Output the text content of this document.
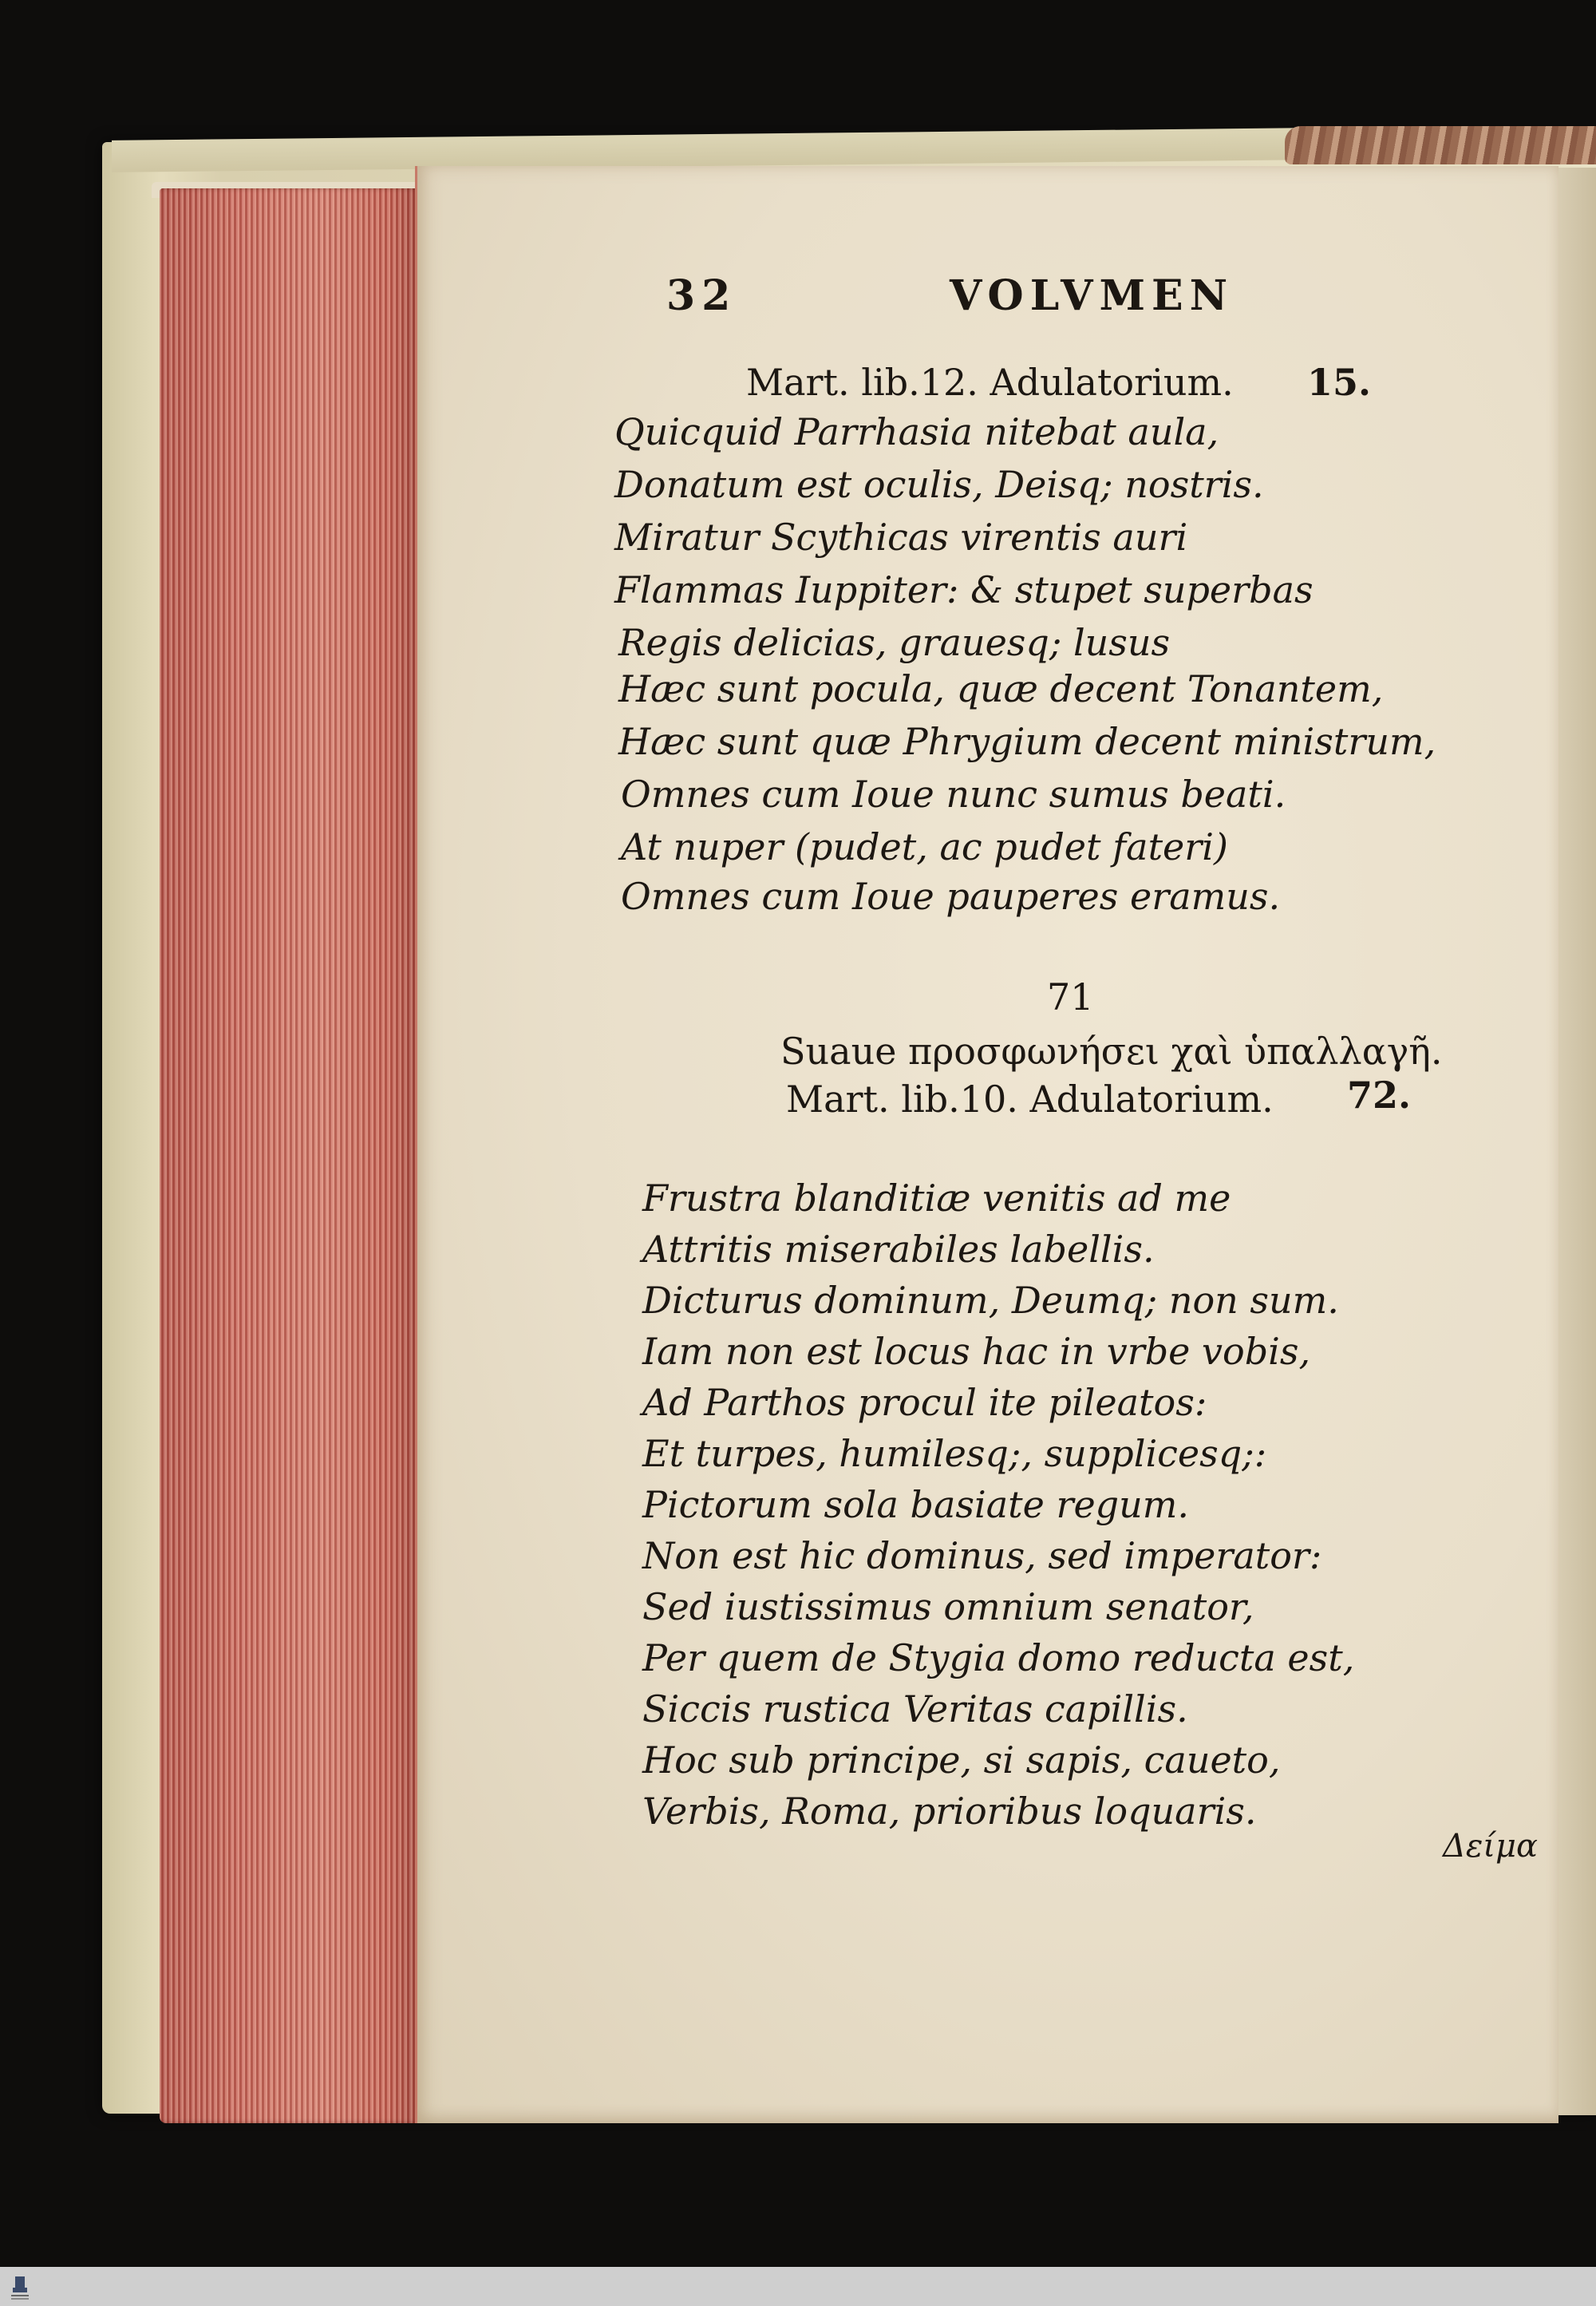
32	VOLVMEN
Mart. lib.12. Adulatorium. 15.
Quicquid Parrhasia nitebat aula,
Donatum est oculis, Deisq; nostris.
Miratur Scythicas virentis auri
Flammas Iuppiter: & stupet superbas
Regis delicias, grauesq; lusus
Hæc sunt pocula, quæ decent Tonantem,
Hæc sunt quæ Phrygium decent ministrum,
Omnes cum Ioue nunc sumus beati.
At nuper (pudet, ac pudet fateri)
Omnes cum Ioue pauperes eramus.
71
Suaue προσφωνήσει χαὶ ὑπαλλαγῆ.
Mart. lib.10. Adulatorium. 72.
Frustra blanditiæ venitis ad me
Attritis miserabiles labellis.
Dicturus dominum, Deumq; non sum.
Iam non est locus hac in vrbe vobis,
Ad Parthos procul ite pileatos:
Et turpes, humilesq;, supplicesq;:
Pictorum sola basiate regum.
Non est hic dominus, sed imperator:
Sed iustissimus omnium senator,
Per quem de Stygia domo reducta est,
Siccis rustica Veritas capillis.
Hoc sub principe, si sapis, caueto,
Verbis, Roma, prioribus loquaris.
Δείμα
